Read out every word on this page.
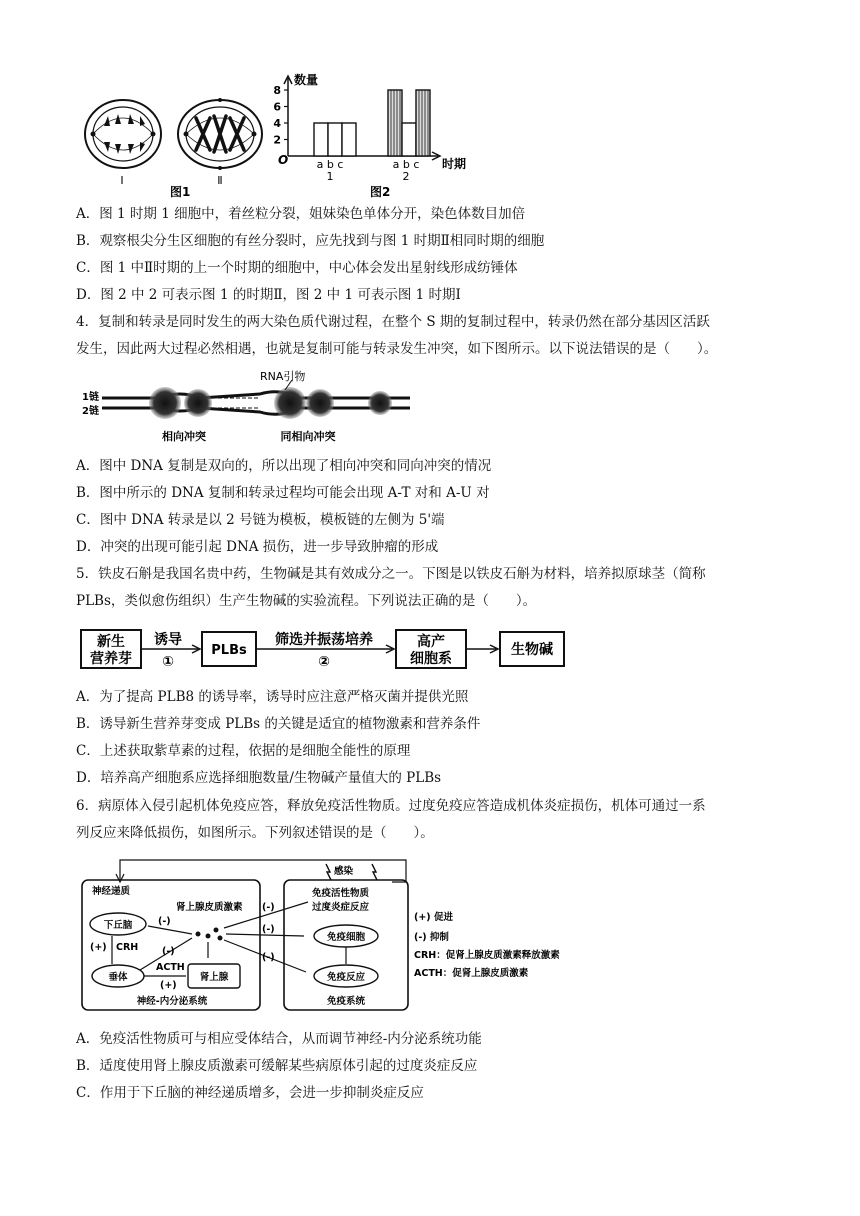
Ⅰ	Ⅱ
图1
2
4
6
8
数量
O	时期
a b c
1
a b c
2
图2
A．图 1 时期 1 细胞中，着丝粒分裂，姐妹染色单体分开，染色体数目加倍
B．观察根尖分生区细胞的有丝分裂时，应先找到与图 1 时期Ⅱ相同时期的细胞
C．图 1 中Ⅱ时期的上一个时期的细胞中，中心体会发出星射线形成纺锤体
D．图 2 中 2 可表示图 1 的时期Ⅱ，图 2 中 1 可表示图 1 时期Ⅰ
4．复制和转录是同时发生的两大染色质代谢过程，在整个 S 期的复制过程中，转录仍然在部分基因区活跃
发生，因此两大过程必然相遇，也就是复制可能与转录发生冲突，如下图所示。以下说法错误的是（　　）。
1链
2链
RNA引物
相向冲突	同相向冲突
A．图中 DNA 复制是双向的，所以出现了相向冲突和同向冲突的情况
B．图中所示的 DNA 复制和转录过程均可能会出现 A-T 对和 A-U 对
C．图中 DNA 转录是以 2 号链为模板，模板链的左侧为 5'端
D．冲突的出现可能引起 DNA 损伤，进一步导致肿瘤的形成
5．铁皮石斛是我国名贵中药，生物碱是其有效成分之一。下图是以铁皮石斛为材料，培养拟原球茎（简称
PLBs，类似愈伤组织）生产生物碱的实验流程。下列说法正确的是（　　）。
新生
营养芽
诱导
①
PLBs
筛选并振荡培养
②
高产
细胞系
生物碱
A．为了提高 PLB8 的诱导率，诱导时应注意严格灭菌并提供光照
B．诱导新生营养芽变成 PLBs 的关键是适宜的植物激素和营养条件
C．上述获取紫草素的过程，依据的是细胞全能性的原理
D．培养高产细胞系应选择细胞数量/生物碱产量值大的 PLBs
6．病原体入侵引起机体免疫应答，释放免疫活性物质。过度免疫应答造成机体炎症损伤，机体可通过一系
列反应来降低损伤，如图所示。下列叙述错误的是（　　）。
神经递质
感染
免疫活性物质
过度炎症反应
肾上腺皮质激素
下丘脑
(+) CRH
垂体
ACTH
(+)
肾上腺
(-)
(-)
(-)
(-)
(-)
免疫细胞
免疫反应
神经-内分泌系统	免疫系统
(+) 促进
(-) 抑制
CRH：促肾上腺皮质激素释放激素
ACTH：促肾上腺皮质激素
A．免疫活性物质可与相应受体结合，从而调节神经-内分泌系统功能
B．适度使用肾上腺皮质激素可缓解某些病原体引起的过度炎症反应
C．作用于下丘脑的神经递质增多，会进一步抑制炎症反应
